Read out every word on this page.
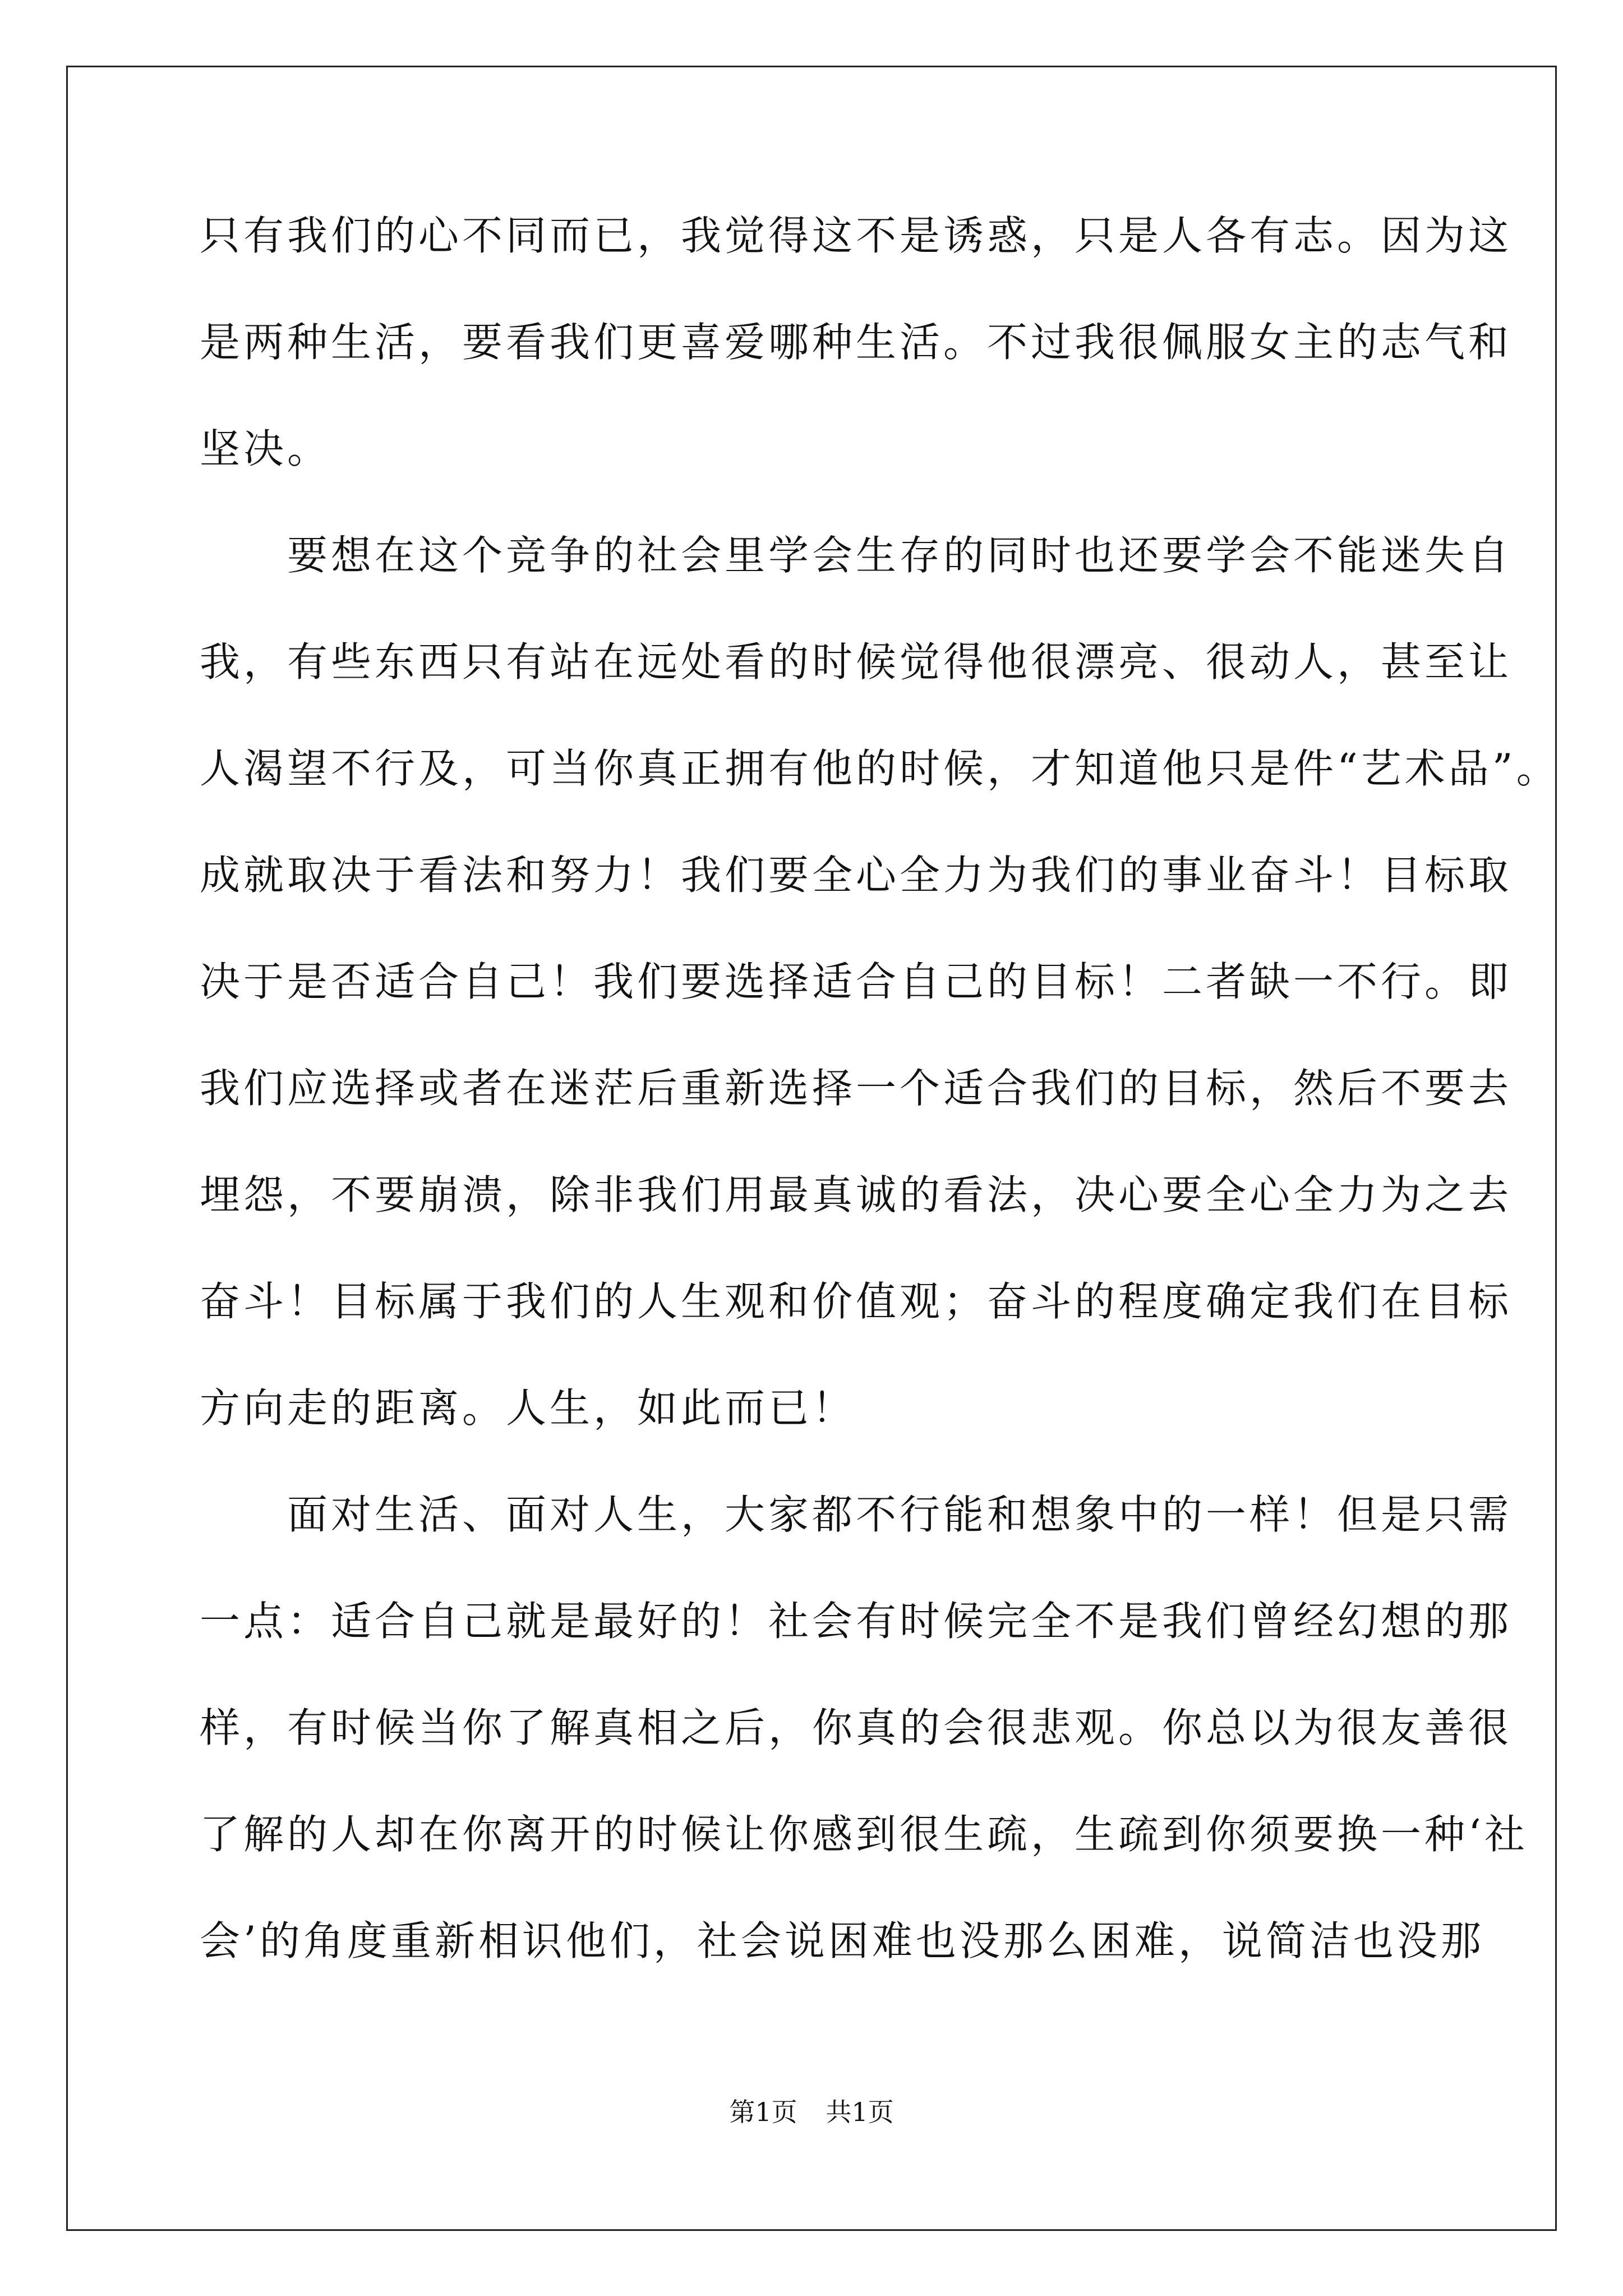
只有我们的心不同而已，我觉得这不是诱惑，只是人各有志。因为这
是两种生活，要看我们更喜爱哪种生活。不过我很佩服女主的志气和
坚决。
　　要想在这个竞争的社会里学会生存的同时也还要学会不能迷失自
我，有些东西只有站在远处看的时候觉得他很漂亮、很动人，甚至让
人渴望不行及，可当你真正拥有他的时候，才知道他只是件“艺术品”。
成就取决于看法和努力！我们要全心全力为我们的事业奋斗！目标取
决于是否适合自己！我们要选择适合自己的目标！二者缺一不行。即
我们应选择或者在迷茫后重新选择一个适合我们的目标，然后不要去
埋怨，不要崩溃，除非我们用最真诚的看法，决心要全心全力为之去
奋斗！目标属于我们的人生观和价值观；奋斗的程度确定我们在目标
方向走的距离。人生，如此而已！
　　面对生活、面对人生，大家都不行能和想象中的一样！但是只需
一点：适合自己就是最好的！社会有时候完全不是我们曾经幻想的那
样，有时候当你了解真相之后，你真的会很悲观。你总以为很友善很
了解的人却在你离开的时候让你感到很生疏，生疏到你须要换一种‘社
会’的角度重新相识他们，社会说困难也没那么困难，说简洁也没那
第1页 共1页
